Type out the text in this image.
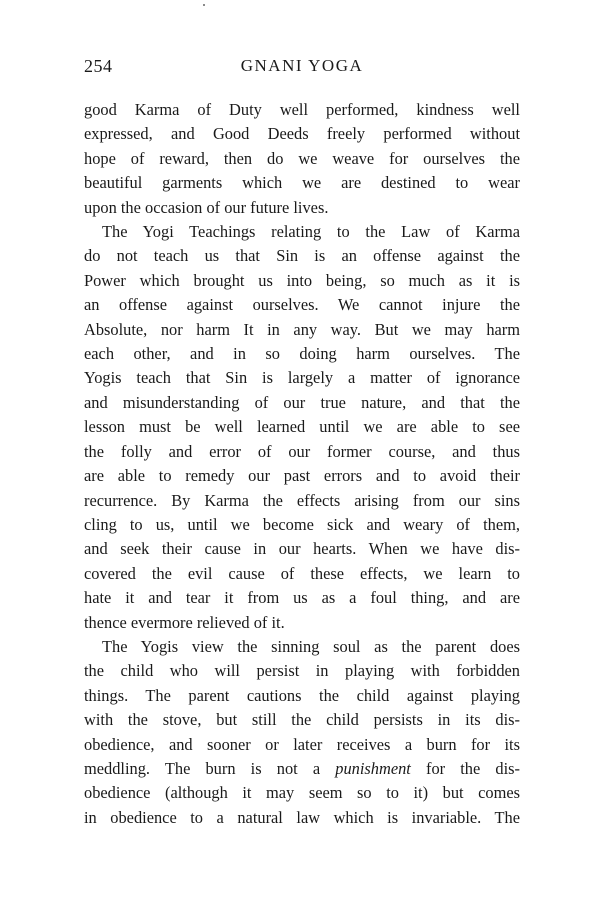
254	GNANI YOGA

good Karma of Duty well performed, kindness well
expressed, and Good Deeds freely performed without
hope of reward, then do we weave for ourselves the
beautiful garments which we are destined to wear
upon the occasion of our future lives.

The Yogi Teachings relating to the Law of Karma
do not teach us that Sin is an offense against the
Power which brought us into being, so much as it is
an offense against ourselves. We cannot injure the
Absolute, nor harm It in any way. But we may harm
each other, and in so doing harm ourselves. The
Yogis teach that Sin is largely a matter of ignorance
and misunderstanding of our true nature, and that the
lesson must be well learned until we are able to see
the folly and error of our former course, and thus
are able to remedy our past errors and to avoid their
recurrence. By Karma the effects arising from our sins
cling to us, until we become sick and weary of them,
and seek their cause in our hearts. When we have dis-
covered the evil cause of these effects, we learn to
hate it and tear it from us as a foul thing, and are
thence evermore relieved of it.

The Yogis view the sinning soul as the parent does
the child who will persist in playing with forbidden
things. The parent cautions the child against playing
with the stove, but still the child persists in its dis-
obedience, and sooner or later receives a burn for its
meddling. The burn is not a punishment for the dis-
obedience (although it may seem so to it) but comes
in obedience to a natural law which is invariable. The
